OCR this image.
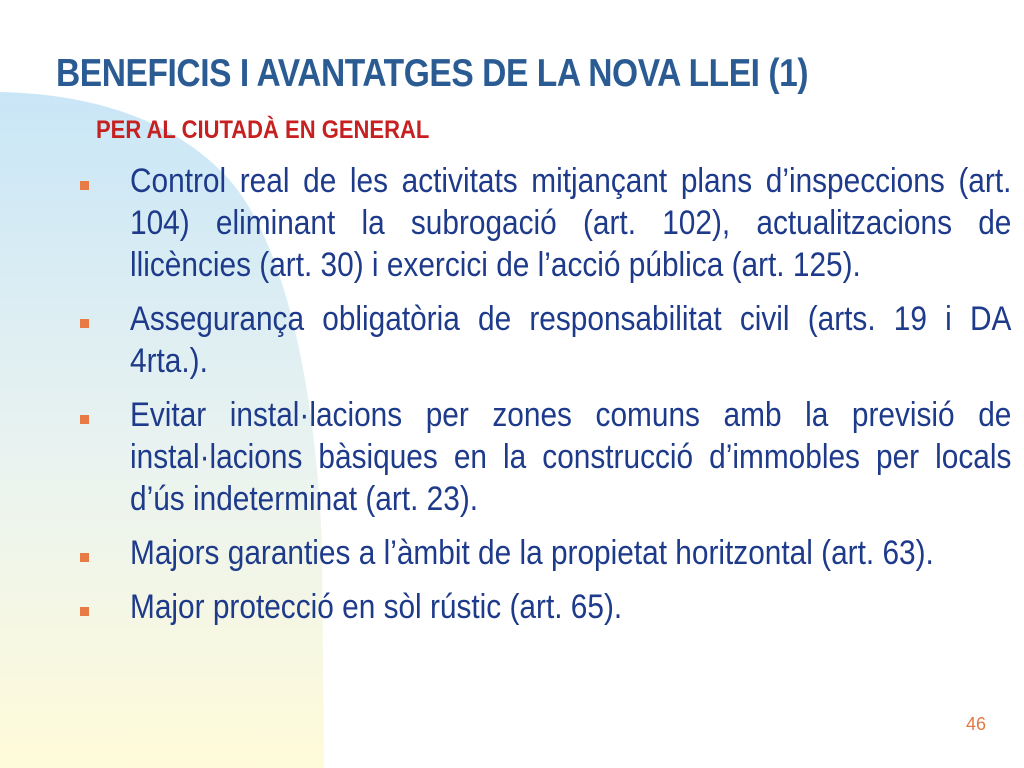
BENEFICIS I AVANTATGES DE LA NOVA LLEI (1)
PER AL CIUTADÀ EN GENERAL
Control real de les activitats mitjançant plans d’inspeccions (art. 104) eliminant la subrogació (art. 102), actualitzacions de llicències (art. 30) i exercici de l’acció pública (art. 125).
Assegurança obligatòria de responsabilitat civil (arts. 19 i DA 4rta.).
Evitar instal·lacions per zones comuns amb la previsió de instal·lacions bàsiques en la construcció d’immobles per locals d’ús indeterminat (art. 23).
Majors garanties a l’àmbit de la propietat horitzontal (art. 63).
Major protecció en sòl rústic (art. 65).
46
